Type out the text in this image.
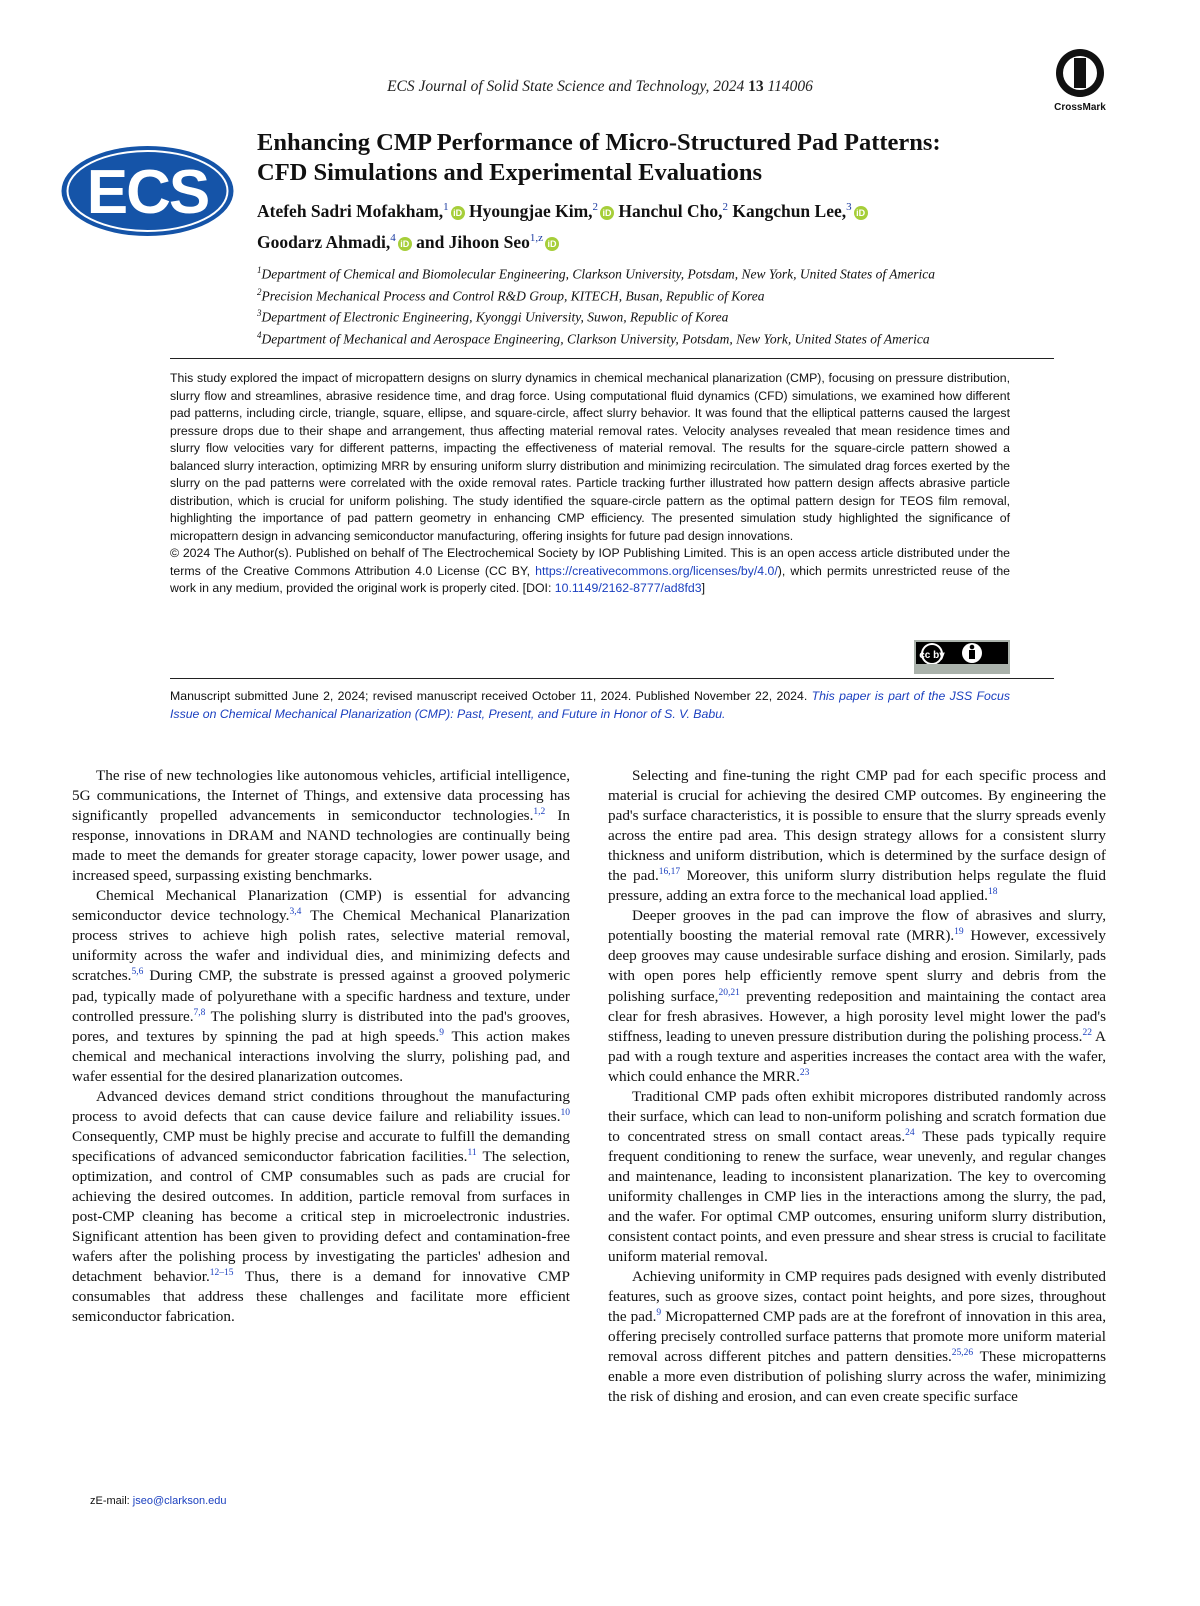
ECS Journal of Solid State Science and Technology, 2024 13 114006
CrossMark
ECS
Enhancing CMP Performance of Micro-Structured Pad Patterns:
CFD Simulations and Experimental Evaluations
Atefeh Sadri Mofakham,$^1$ iD Hyoungjae Kim,$^2$ iD Hanchul Cho,$^2$ Kangchun Lee,$^3$ iD
Goodarz Ahmadi,$^4$ iD and Jihoon Seo$^{1,z}$ iD

$^1$Department of Chemical and Biomolecular Engineering, Clarkson University, Potsdam, New York, United States of America

$^2$Precision Mechanical Process and Control R&D Group, KITECH, Busan, Republic of Korea

$^3$Department of Electronic Engineering, Kyonggi University, Suwon, Republic of Korea

$^4$Department of Mechanical and Aerospace Engineering, Clarkson University, Potsdam, New York, United States of America

This study explored the impact of micropattern designs on slurry dynamics in chemical mechanical planarization (CMP), focusing on pressure distribution, slurry flow and streamlines, abrasive residence time, and drag force. Using computational fluid dynamics (CFD) simulations, we examined how different pad patterns, including circle, triangle, square, ellipse, and square-circle, affect slurry behavior. It was found that the elliptical patterns caused the largest pressure drops due to their shape and arrangement, thus affecting material removal rates. Velocity analyses revealed that mean residence times and slurry flow velocities vary for different patterns, impacting the effectiveness of material removal. The results for the square-circle pattern showed a balanced slurry interaction, optimizing MRR by ensuring uniform slurry distribution and minimizing recirculation. The simulated drag forces exerted by the slurry on the pad patterns were correlated with the oxide removal rates. Particle tracking further illustrated how pattern design affects abrasive particle distribution, which is crucial for uniform polishing. The study identified the square-circle pattern as the optimal pattern design for TEOS film removal, highlighting the importance of pad pattern geometry in enhancing CMP efficiency. The presented simulation study highlighted the significance of micropattern design in advancing semiconductor manufacturing, offering insights for future pad design innovations.

© 2024 The Author(s). Published on behalf of The Electrochemical Society by IOP Publishing Limited. This is an open access article distributed under the terms of the Creative Commons Attribution 4.0 License (CC BY, https://creativecommons.org/licenses/by/4.0/), which permits unrestricted reuse of the work in any medium, provided the original work is properly cited. [DOI: 10.1149/2162-8777/ad8fd3]

cc by
Manuscript submitted June 2, 2024; revised manuscript received October 11, 2024. Published November 22, 2024. This paper is part of the JSS Focus Issue on Chemical Mechanical Planarization (CMP): Past, Present, and Future in Honor of S. V. Babu.

The rise of new technologies like autonomous vehicles, artificial intelligence, 5G communications, the Internet of Things, and extensive data processing has significantly propelled advancements in semiconductor technologies.$^{1,2}$ In response, innovations in DRAM and NAND technologies are continually being made to meet the demands for greater storage capacity, lower power usage, and increased speed, surpassing existing benchmarks.

Chemical Mechanical Planarization (CMP) is essential for advancing semiconductor device technology.$^{3,4}$ The Chemical Mechanical Planarization process strives to achieve high polish rates, selective material removal, uniformity across the wafer and individual dies, and minimizing defects and scratches.$^{5,6}$ During CMP, the substrate is pressed against a grooved polymeric pad, typically made of polyurethane with a specific hardness and texture, under controlled pressure.$^{7,8}$ The polishing slurry is distributed into the pad's grooves, pores, and textures by spinning the pad at high speeds.$^9$ This action makes chemical and mechanical interactions involving the slurry, polishing pad, and wafer essential for the desired planarization outcomes.

Advanced devices demand strict conditions throughout the manufacturing process to avoid defects that can cause device failure and reliability issues.$^{10}$ Consequently, CMP must be highly precise and accurate to fulfill the demanding specifications of advanced semiconductor fabrication facilities.$^{11}$ The selection, optimization, and control of CMP consumables such as pads are crucial for achieving the desired outcomes. In addition, particle removal from surfaces in post-CMP cleaning has become a critical step in microelectronic industries. Significant attention has been given to providing defect and contamination-free wafers after the polishing process by investigating the particles' adhesion and detachment behavior.$^{12-15}$ Thus, there is a demand for innovative CMP consumables that address these challenges and facilitate more efficient semiconductor fabrication.

Selecting and fine-tuning the right CMP pad for each specific process and material is crucial for achieving the desired CMP outcomes. By engineering the pad's surface characteristics, it is possible to ensure that the slurry spreads evenly across the entire pad area. This design strategy allows for a consistent slurry thickness and uniform distribution, which is determined by the surface design of the pad.$^{16,17}$ Moreover, this uniform slurry distribution helps regulate the fluid pressure, adding an extra force to the mechanical load applied.$^{18}$

Deeper grooves in the pad can improve the flow of abrasives and slurry, potentially boosting the material removal rate (MRR).$^{19}$ However, excessively deep grooves may cause undesirable surface dishing and erosion. Similarly, pads with open pores help efficiently remove spent slurry and debris from the polishing surface,$^{20,21}$ preventing redeposition and maintaining the contact area clear for fresh abrasives. However, a high porosity level might lower the pad's stiffness, leading to uneven pressure distribution during the polishing process.$^{22}$ A pad with a rough texture and asperities increases the contact area with the wafer, which could enhance the MRR.$^{23}$

Traditional CMP pads often exhibit micropores distributed randomly across their surface, which can lead to non-uniform polishing and scratch formation due to concentrated stress on small contact areas.$^{24}$ These pads typically require frequent conditioning to renew the surface, wear unevenly, and regular changes and maintenance, leading to inconsistent planarization. The key to overcoming uniformity challenges in CMP lies in the interactions among the slurry, the pad, and the wafer. For optimal CMP outcomes, ensuring uniform slurry distribution, consistent contact points, and even pressure and shear stress is crucial to facilitate uniform material removal.

Achieving uniformity in CMP requires pads designed with evenly distributed features, such as groove sizes, contact point heights, and pore sizes, throughout the pad.$^9$ Micropatterned CMP pads are at the forefront of innovation in this area, offering precisely controlled surface patterns that promote more uniform material removal across different pitches and pattern densities.$^{25,26}$ These micropatterns enable a more even distribution of polishing slurry across the wafer, minimizing the risk of dishing and erosion, and can even create specific surface

zE-mail: jseo@clarkson.edu
